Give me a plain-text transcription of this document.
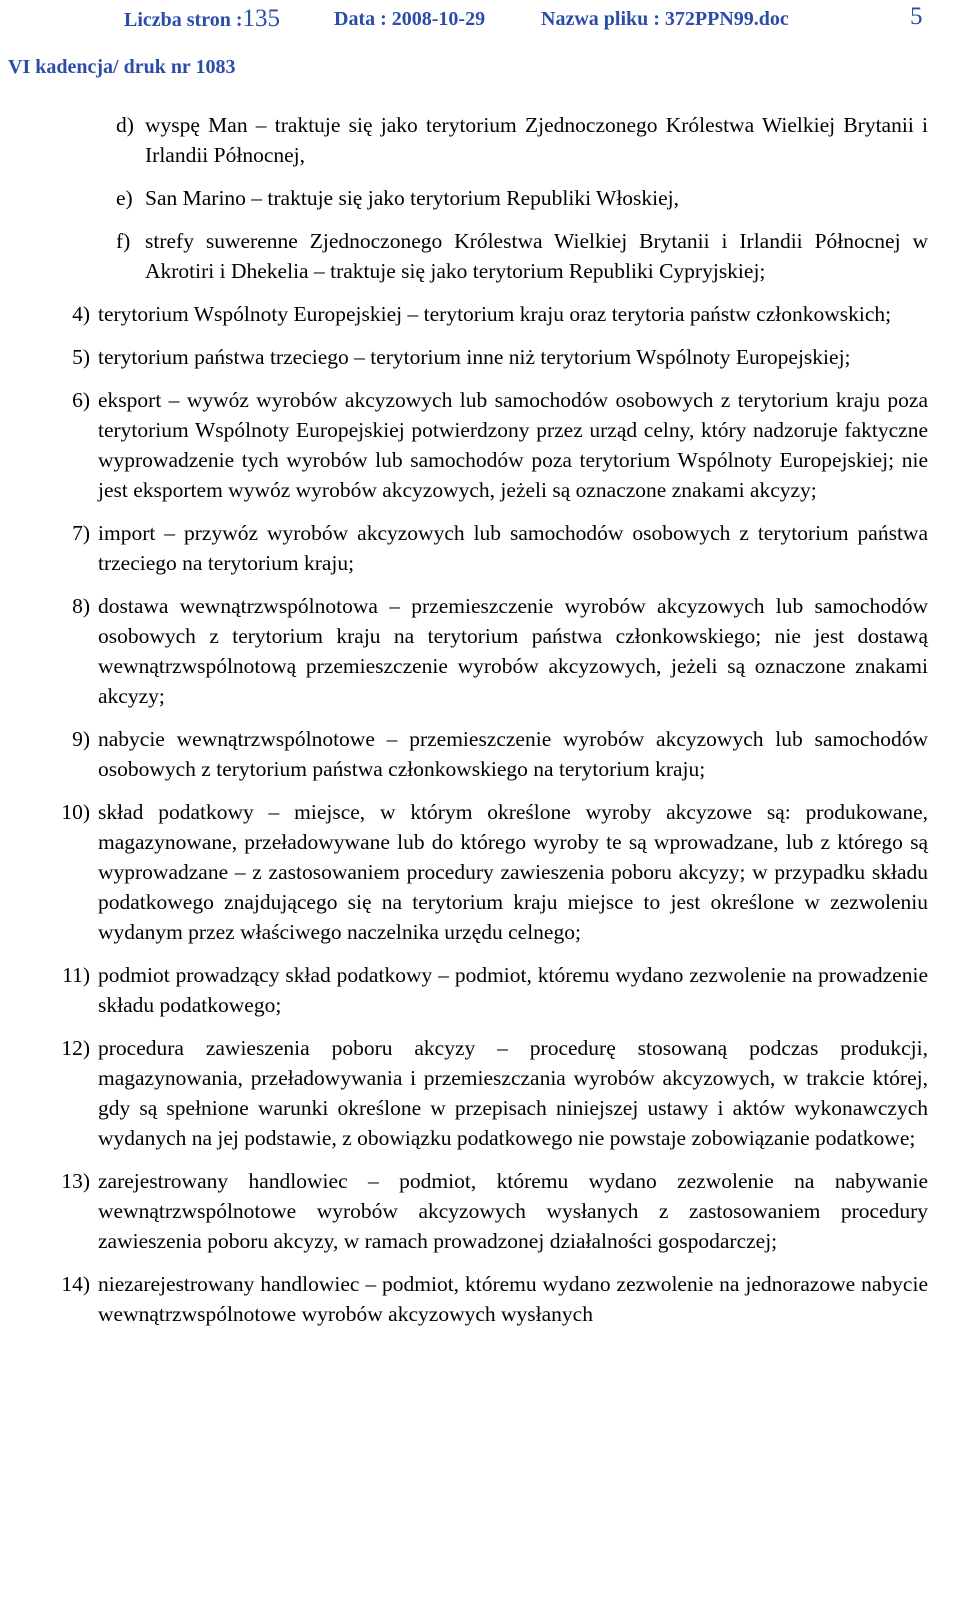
Liczba stron :135	Data : 2008-10-29	Nazwa pliku : 372PPN99.doc	5
VI kadencja/ druk nr 1083
d) wyspę Man – traktuje się jako terytorium Zjednoczonego Królestwa Wielkiej Brytanii i Irlandii Północnej,
e) San Marino – traktuje się jako terytorium Republiki Włoskiej,
f) strefy suwerenne Zjednoczonego Królestwa Wielkiej Brytanii i Irlandii Północnej w Akrotiri i Dhekelia – traktuje się jako terytorium Republiki Cypryjskiej;
4) terytorium Wspólnoty Europejskiej – terytorium kraju oraz terytoria państw członkowskich;
5) terytorium państwa trzeciego – terytorium inne niż terytorium Wspólnoty Europejskiej;
6) eksport – wywóz wyrobów akcyzowych lub samochodów osobowych z terytorium kraju poza terytorium Wspólnoty Europejskiej potwierdzony przez urząd celny, który nadzoruje faktyczne wyprowadzenie tych wyrobów lub samochodów poza terytorium Wspólnoty Europejskiej; nie jest eksportem wywóz wyrobów akcyzowych, jeżeli są oznaczone znakami akcyzy;
7) import – przywóz wyrobów akcyzowych lub samochodów osobowych z terytorium państwa trzeciego na terytorium kraju;
8) dostawa wewnątrzwspólnotowa – przemieszczenie wyrobów akcyzowych lub samochodów osobowych z terytorium kraju na terytorium państwa członkowskiego; nie jest dostawą wewnątrzwspólnotową przemieszczenie wyrobów akcyzowych, jeżeli są oznaczone znakami akcyzy;
9) nabycie wewnątrzwspólnotowe – przemieszczenie wyrobów akcyzowych lub samochodów osobowych z terytorium państwa członkowskiego na terytorium kraju;
10) skład podatkowy – miejsce, w którym określone wyroby akcyzowe są: produkowane, magazynowane, przeładowywane lub do którego wyroby te są wprowadzane, lub z którego są wyprowadzane – z zastosowaniem procedury zawieszenia poboru akcyzy; w przypadku składu podatkowego znajdującego się na terytorium kraju miejsce to jest określone w zezwoleniu wydanym przez właściwego naczelnika urzędu celnego;
11) podmiot prowadzący skład podatkowy – podmiot, któremu wydano zezwolenie na prowadzenie składu podatkowego;
12) procedura zawieszenia poboru akcyzy – procedurę stosowaną podczas produkcji, magazynowania, przeładowywania i przemieszczania wyrobów akcyzowych, w trakcie której, gdy są spełnione warunki określone w przepisach niniejszej ustawy i aktów wykonawczych wydanych na jej podstawie, z obowiązku podatkowego nie powstaje zobowiązanie podatkowe;
13) zarejestrowany handlowiec – podmiot, któremu wydano zezwolenie na nabywanie wewnątrzwspólnotowe wyrobów akcyzowych wysłanych z zastosowaniem procedury zawieszenia poboru akcyzy, w ramach prowadzonej działalności gospodarczej;
14) niezarejestrowany handlowiec – podmiot, któremu wydano zezwolenie na jednorazowe nabycie wewnątrzwspólnotowe wyrobów akcyzowych wysłanych
